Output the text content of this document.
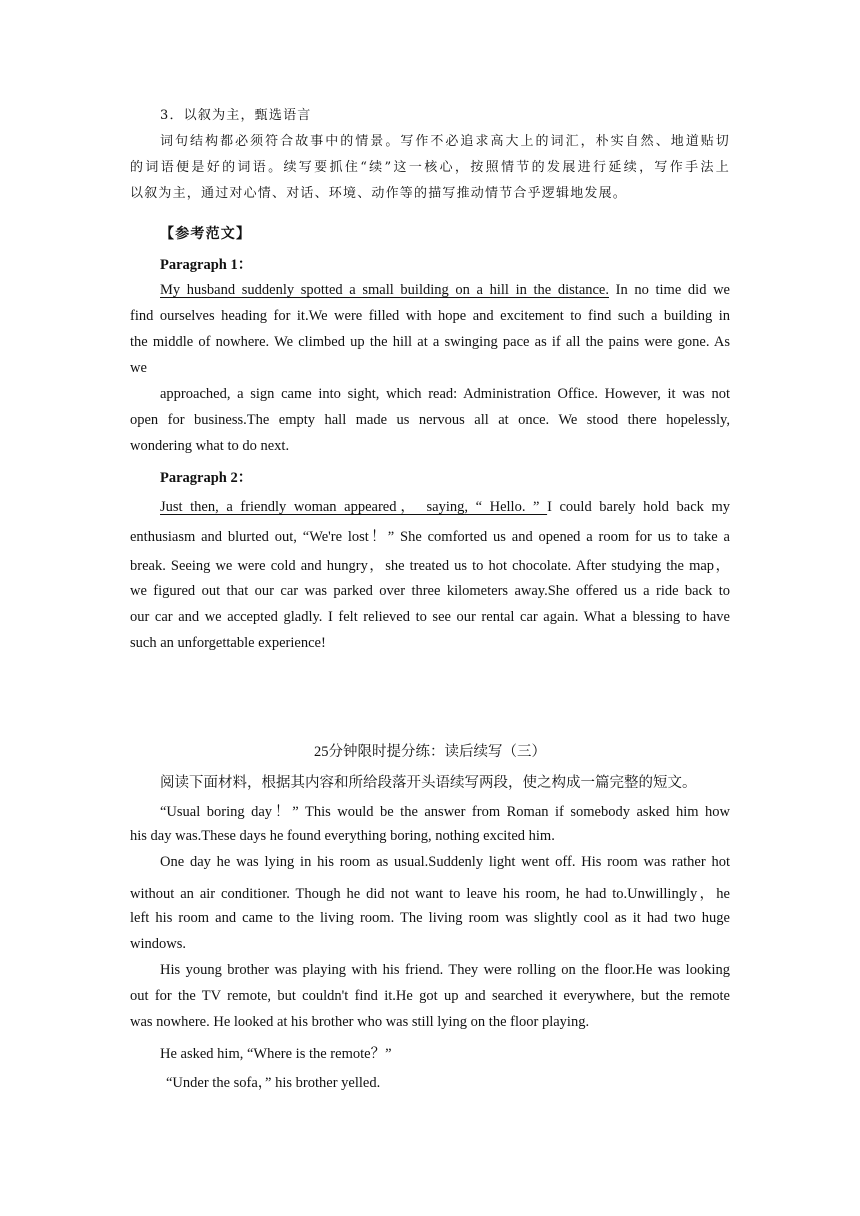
3．以叙为主，甄选语言
词句结构都必须符合故事中的情景。写作不必追求高大上的词汇，朴实自然、地道贴切
的词语便是好的词语。续写要抓住“续”这一核心，按照情节的发展进行延续，写作手法上
以叙为主，通过对心情、对话、环境、动作等的描写推动情节合乎逻辑地发展。
【参考范文】
Paragraph 1：
My husband suddenly spotted a small building on a hill in the distance. In no time did we
find ourselves heading for it.We were filled with hope and excitement to find such a building in
the middle of nowhere. We climbed up the hill at a swinging pace as if all the pains were gone. As
we
approached, a sign came into sight, which read: Administration Office. However, it was not
open for business.The empty hall made us nervous all at once. We stood there hopelessly,
wondering what to do next.
Paragraph 2：
Just then, a friendly woman appeared， saying, “ Hello. ” I could barely hold back my
enthusiasm and blurted out, “We're lost！” She comforted us and opened a room for us to take a
break. Seeing we were cold and hungry，she treated us to hot chocolate. After studying the map，
we figured out that our car was parked over three kilometers away.She offered us a ride back to
our car and we accepted gladly. I felt relieved to see our rental car again. What a blessing to have
such an unforgettable experience!
25分钟限时提分练：读后续写（三）
阅读下面材料，根据其内容和所给段落开头语续写两段，使之构成一篇完整的短文。
“Usual boring day！” This would be the answer from Roman if somebody asked him how
his day was.These days he found everything boring, nothing excited him.
One day he was lying in his room as usual.Suddenly light went off. His room was rather hot
without an air conditioner. Though he did not want to leave his room, he had to.Unwillingly，he
left his room and came to the living room. The living room was slightly cool as it had two huge
windows.
His young brother was playing with his friend. They were rolling on the floor.He was looking
out for the TV remote, but couldn't find it.He got up and searched it everywhere, but the remote
was nowhere. He looked at his brother who was still lying on the floor playing.
He asked him, “Where is the remote？”
“Under the sofa，” his brother yelled.
